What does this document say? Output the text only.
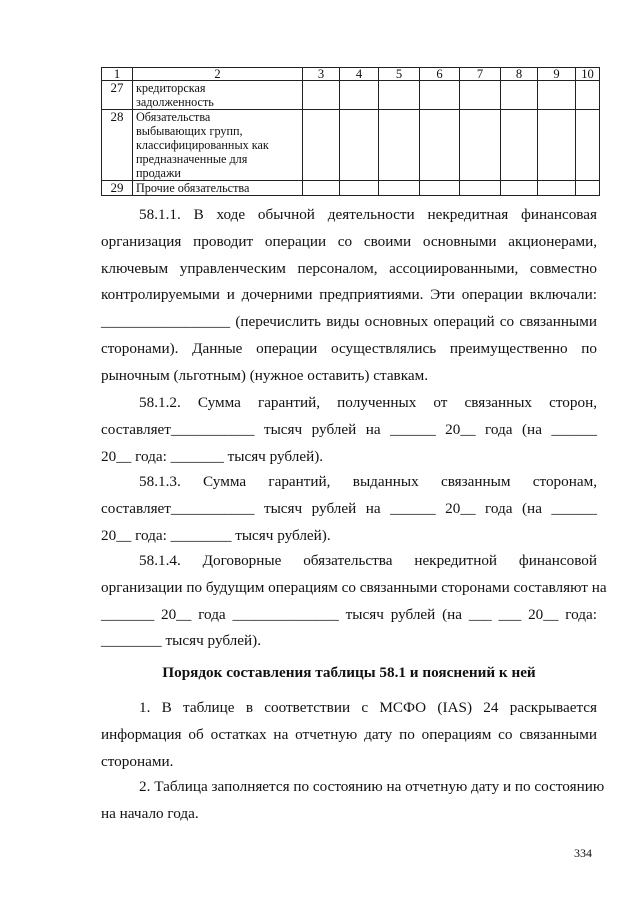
1	2	3	4	5	6	7	8	9	10
27	кредиторская
задолженность								

28	Обязательства
выбывающих групп,
классифицированных как
предназначенные для
продажи								

29	Прочие обязательства								

58.1.1. В ходе обычной деятельности некредитная финансовая
организация проводит операции со своими основными акционерами,
ключевым управленческим персоналом, ассоциированными, совместно
контролируемыми и дочерними предприятиями. Эти операции включали:
_________________ (перечислить виды основных операций со связанными
сторонами). Данные операции осуществлялись преимущественно по
рыночным (льготным) (нужное оставить) ставкам.
58.1.2. Сумма гарантий, полученных от связанных сторон,
составляет___________ тысяч рублей на ______ 20__ года (на ______
20__ года: _______ тысяч рублей).
58.1.3. Сумма гарантий, выданных связанным сторонам,
составляет___________ тысяч рублей на ______ 20__ года (на ______
20__ года: ________ тысяч рублей).
58.1.4. Договорные обязательства некредитной финансовой
организации по будущим операциям со связанными сторонами составляют на
_______ 20__ года ______________ тысяч рублей (на ___ ___ 20__ года:
________ тысяч рублей).
Порядок составления таблицы 58.1 и пояснений к ней
1. В таблице в соответствии с МСФО (IAS) 24 раскрывается
информация об остатках на отчетную дату по операциям со связанными
сторонами.
2. Таблица заполняется по состоянию на отчетную дату и по состоянию
на начало года.
334
